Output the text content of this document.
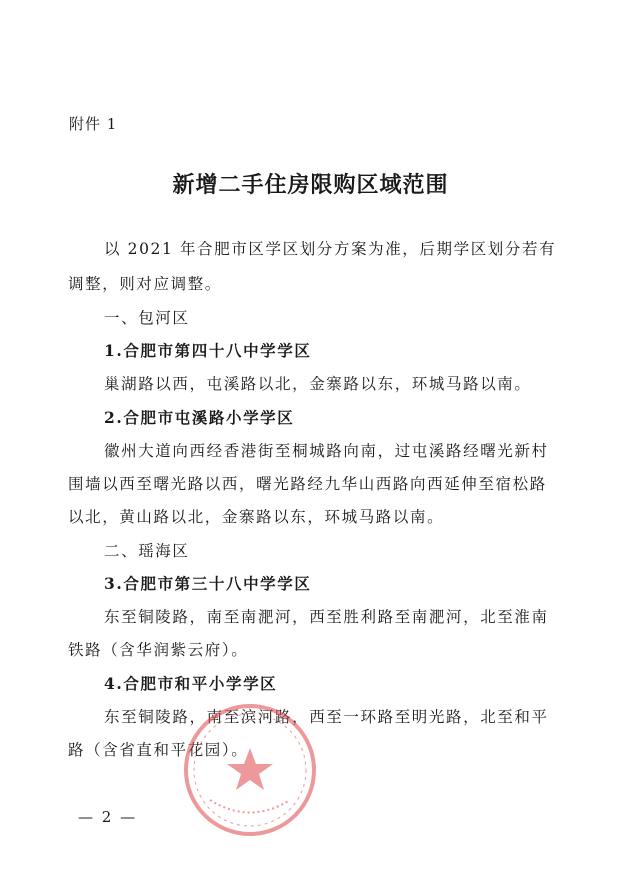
附件 1
新增二手住房限购区域范围
以 2021 年合肥市区学区划分方案为准，后期学区划分若有
调整，则对应调整。
一、包河区
1.合肥市第四十八中学学区
巢湖路以西，屯溪路以北，金寨路以东，环城马路以南。
2.合肥市屯溪路小学学区
徽州大道向西经香港街至桐城路向南，过屯溪路经曙光新村
围墙以西至曙光路以西，曙光路经九华山西路向西延伸至宿松路
以北，黄山路以北，金寨路以东，环城马路以南。
二、瑶海区
3.合肥市第三十八中学学区
东至铜陵路，南至南淝河，西至胜利路至南淝河，北至淮南
铁路（含华润紫云府）。
4.合肥市和平小学学区
东至铜陵路，南至滨河路，西至一环路至明光路，北至和平
路（含省直和平花园）。
— 2 —
